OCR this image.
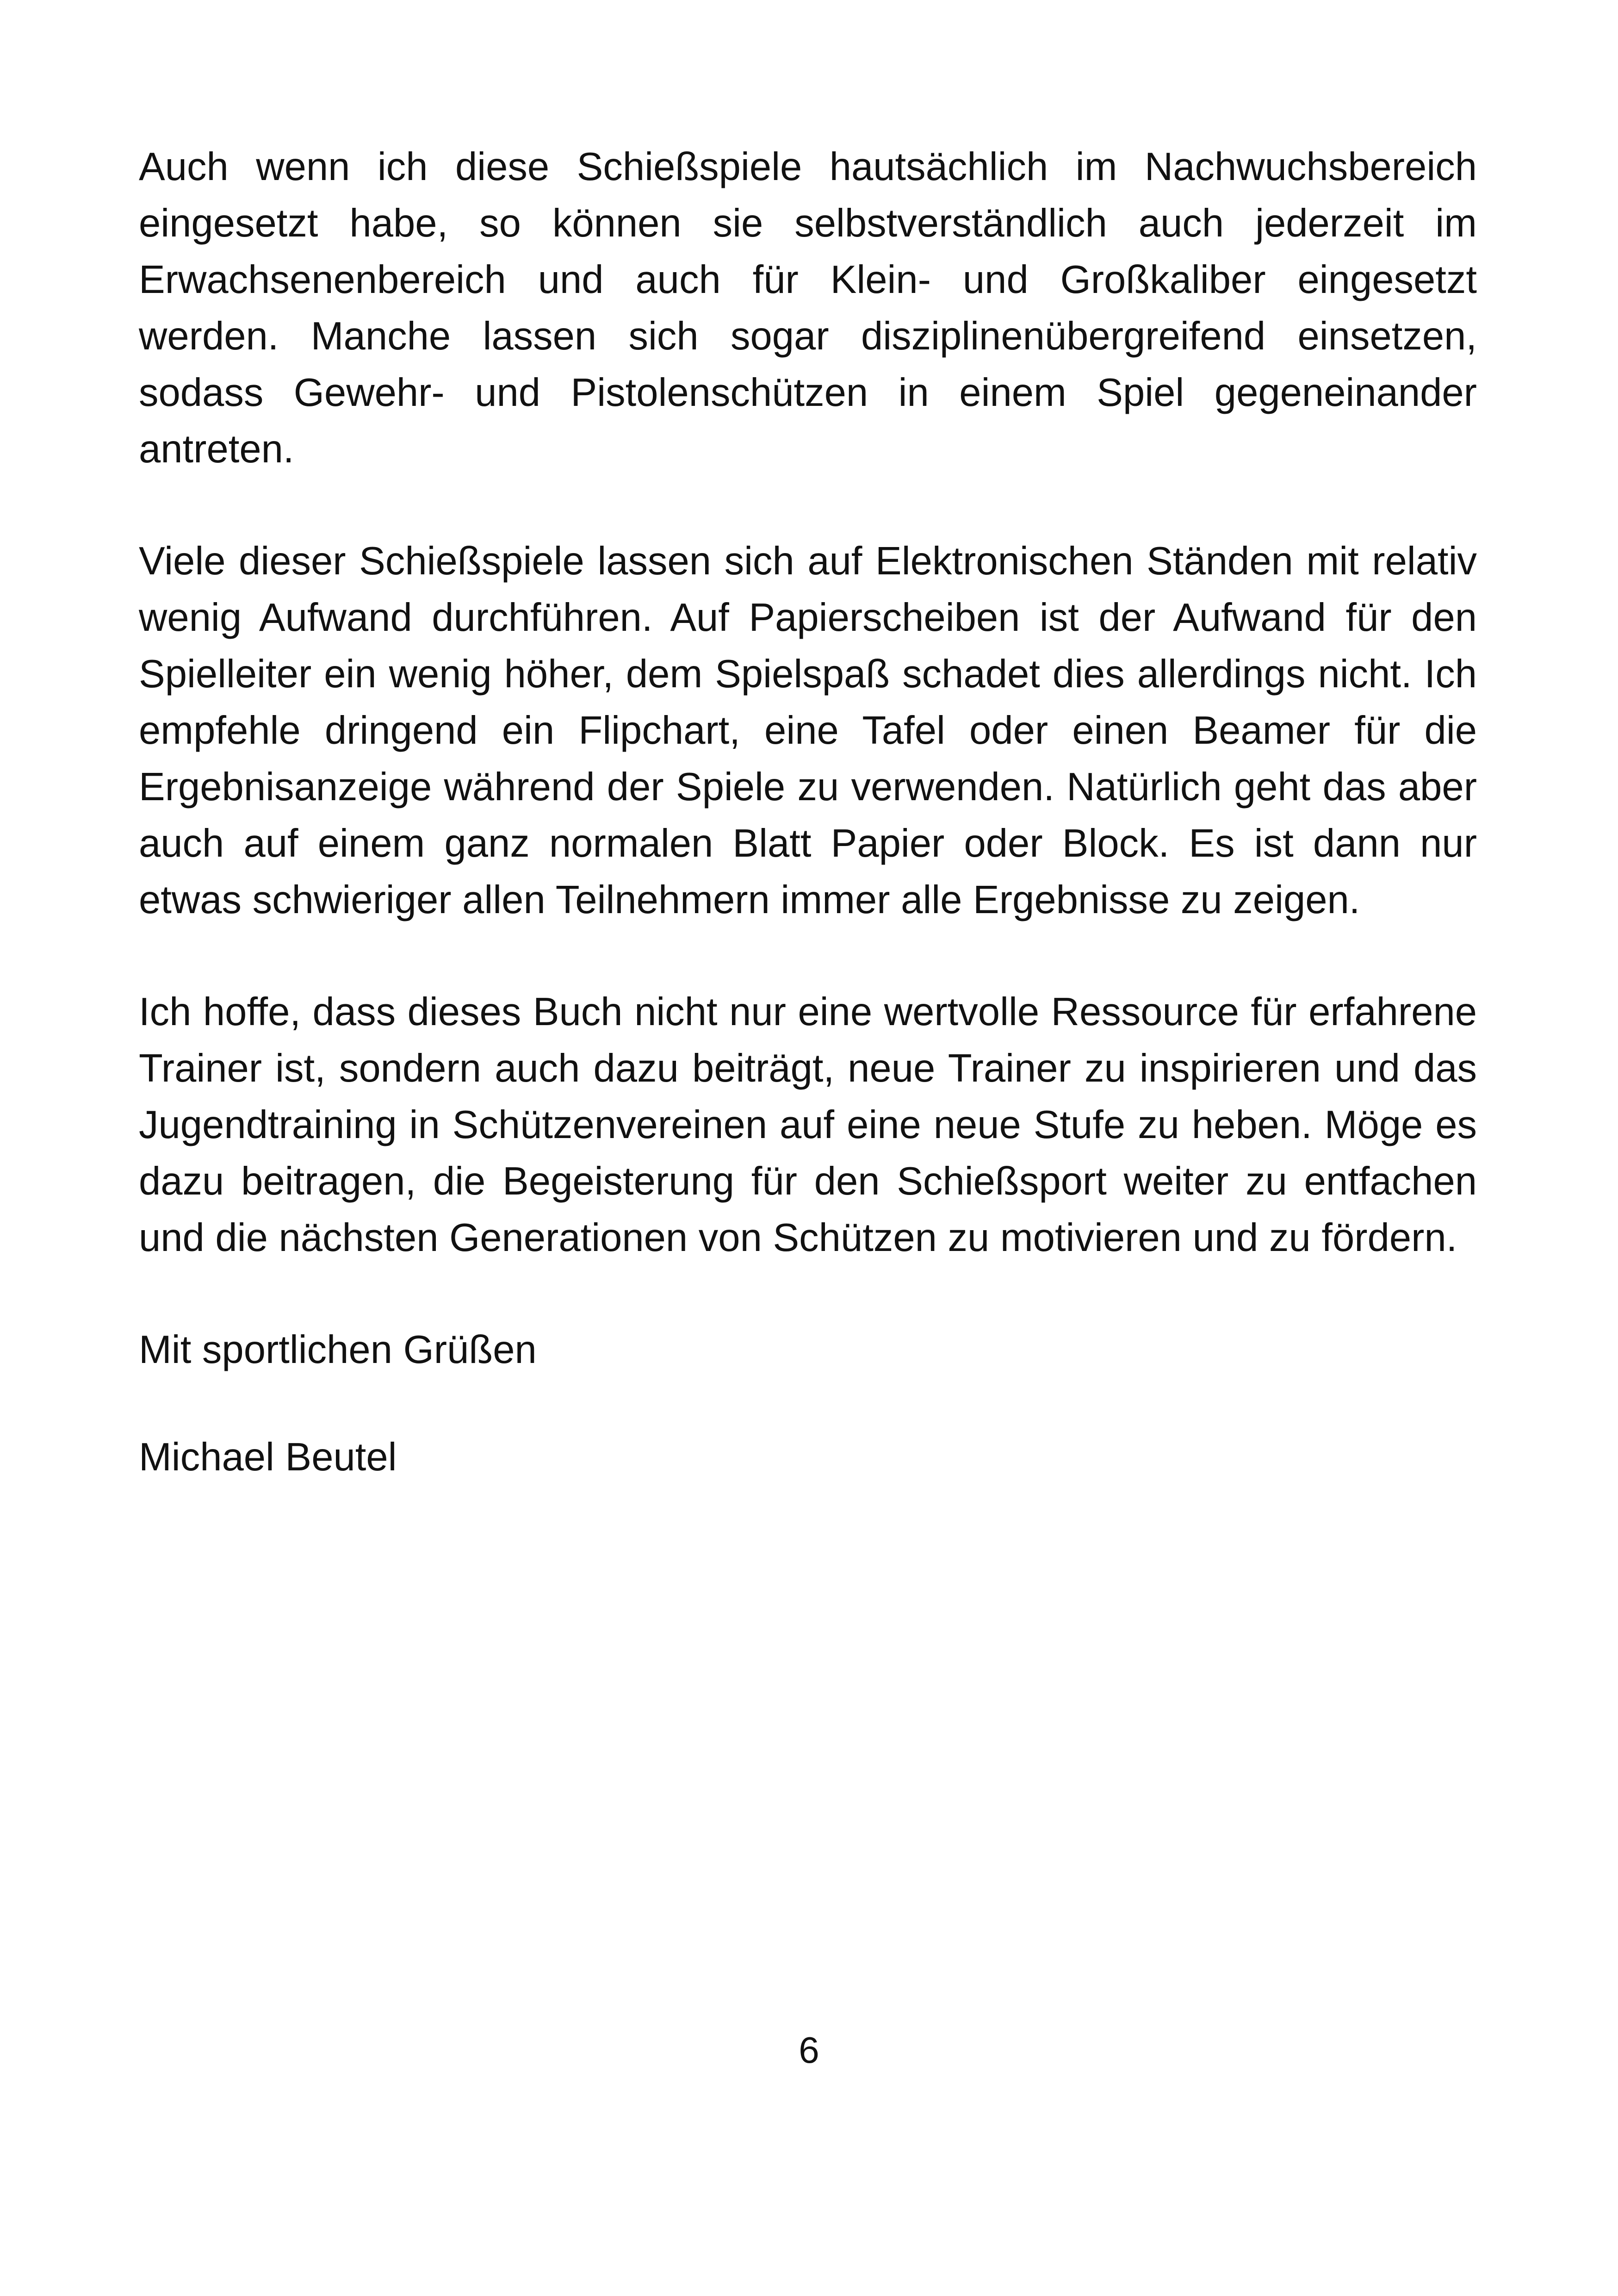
Auch wenn ich diese Schießspiele hautsächlich im Nachwuchsbereich eingesetzt habe, so können sie selbstverständlich auch jederzeit im Erwachsenenbereich und auch für Klein- und Großkaliber eingesetzt werden. Manche lassen sich sogar disziplinenübergreifend einsetzen, sodass Gewehr- und Pistolenschützen in einem Spiel gegeneinander antreten.

Viele dieser Schießspiele lassen sich auf Elektronischen Ständen mit relativ wenig Aufwand durchführen. Auf Papierscheiben ist der Aufwand für den Spielleiter ein wenig höher, dem Spielspaß schadet dies allerdings nicht. Ich empfehle dringend ein Flipchart, eine Tafel oder einen Beamer für die Ergebnisanzeige während der Spiele zu verwenden. Natürlich geht das aber auch auf einem ganz normalen Blatt Papier oder Block. Es ist dann nur etwas schwieriger allen Teilnehmern immer alle Ergebnisse zu zeigen.

Ich hoffe, dass dieses Buch nicht nur eine wertvolle Ressource für erfahrene Trainer ist, sondern auch dazu beiträgt, neue Trainer zu inspirieren und das Jugendtraining in Schützenvereinen auf eine neue Stufe zu heben. Möge es dazu beitragen, die Begeisterung für den Schießsport weiter zu entfachen und die nächsten Generationen von Schützen zu motivieren und zu fördern.

Mit sportlichen Grüßen

Michael Beutel

6
